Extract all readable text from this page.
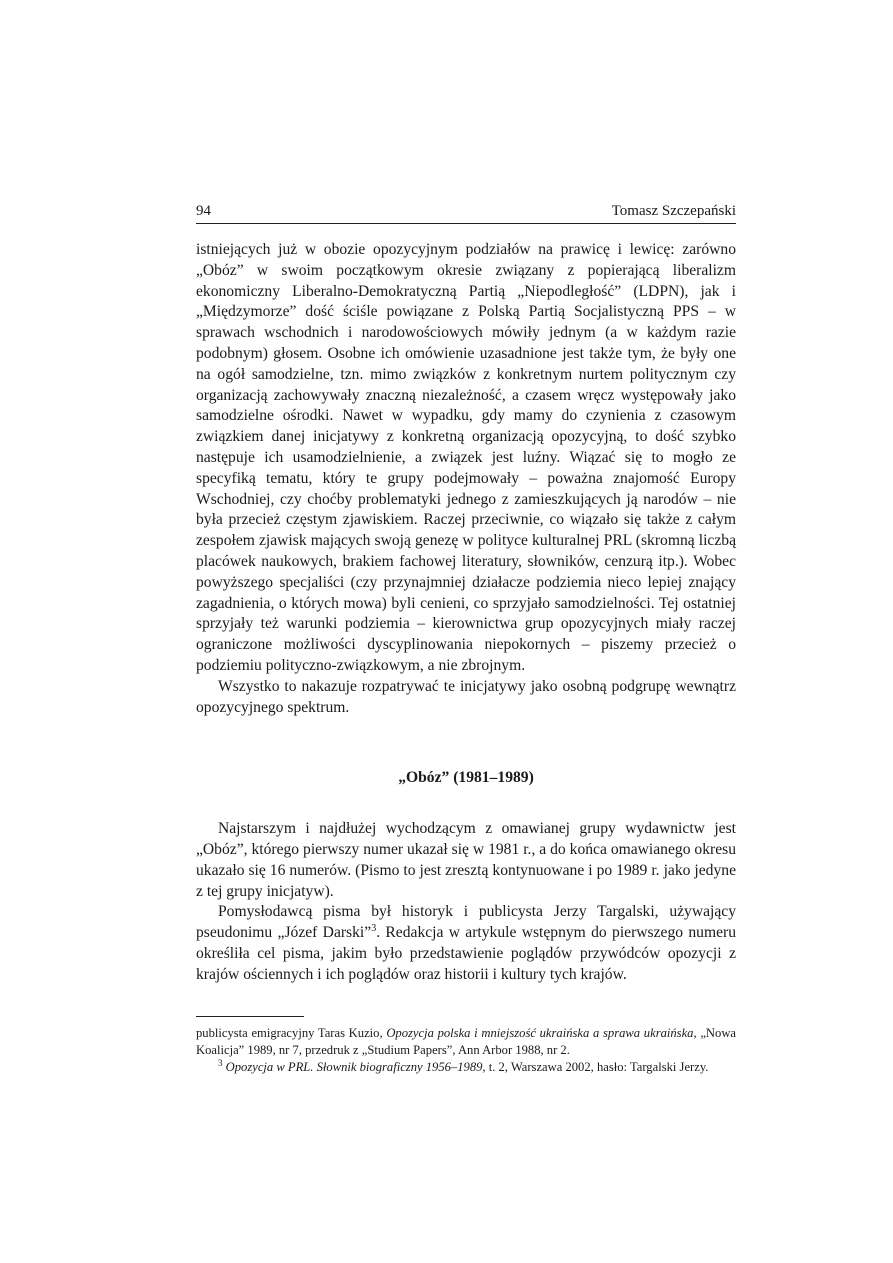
94	Tomasz Szczepański

istniejących już w obozie opozycyjnym podziałów na prawicę i lewicę: zarówno „Obóz” w swoim początkowym okresie związany z popierającą liberalizm ekonomiczny Liberalno-Demokratyczną Partią „Niepodległość” (LDPN), jak i „Międzymorze” dość ściśle powiązane z Polską Partią Socjalistyczną PPS – w sprawach wschodnich i narodowościowych mówiły jednym (a w każdym razie podobnym) głosem. Osobne ich omówienie uzasadnione jest także tym, że były one na ogół samodzielne, tzn. mimo związków z konkretnym nurtem politycznym czy organizacją zachowywały znaczną niezależność, a czasem wręcz występowały jako samodzielne ośrodki. Nawet w wypadku, gdy mamy do czynienia z czasowym związkiem danej inicjatywy z konkretną organizacją opozycyjną, to dość szybko następuje ich usamodzielnienie, a związek jest luźny. Wiązać się to mogło ze specyfiką tematu, który te grupy podejmowały – poważna znajomość Europy Wschodniej, czy choćby problematyki jednego z zamieszkujących ją narodów – nie była przecież częstym zjawiskiem. Raczej przeciwnie, co wiązało się także z całym zespołem zjawisk mających swoją genezę w polityce kulturalnej PRL (skromną liczbą placówek naukowych, brakiem fachowej literatury, słowników, cenzurą itp.). Wobec powyższego specjaliści (czy przynajmniej działacze podziemia nieco lepiej znający zagadnienia, o których mowa) byli cenieni, co sprzyjało samodzielności. Tej ostatniej sprzyjały też warunki podziemia – kierownictwa grup opozycyjnych miały raczej ograniczone możliwości dyscyplinowania niepokornych – piszemy przecież o podziemiu polityczno-związkowym, a nie zbrojnym.

Wszystko to nakazuje rozpatrywać te inicjatywy jako osobną podgrupę wewnątrz opozycyjnego spektrum.

„Obóz” (1981–1989)

Najstarszym i najdłużej wychodzącym z omawianej grupy wydawnictw jest „Obóz”, którego pierwszy numer ukazał się w 1981 r., a do końca omawianego okresu ukazało się 16 numerów. (Pismo to jest zresztą kontynuowane i po 1989 r. jako jedyne z tej grupy inicjatyw).

Pomysłodawcą pisma był historyk i publicysta Jerzy Targalski, używający pseudonimu „Józef Darski”$^3$. Redakcja w artykule wstępnym do pierwszego numeru określiła cel pisma, jakim było przedstawienie poglądów przywódców opozycji z krajów ościennych i ich poglądów oraz historii i kultury tych krajów.

publicysta emigracyjny Taras Kuzio, Opozycja polska i mniejszość ukraińska a sprawa ukraińska, „Nowa Koalicja” 1989, nr 7, przedruk z „Studium Papers”, Ann Arbor 1988, nr 2.

$^3$ Opozycja w PRL. Słownik biograficzny 1956–1989, t. 2, Warszawa 2002, hasło: Targalski Jerzy.
